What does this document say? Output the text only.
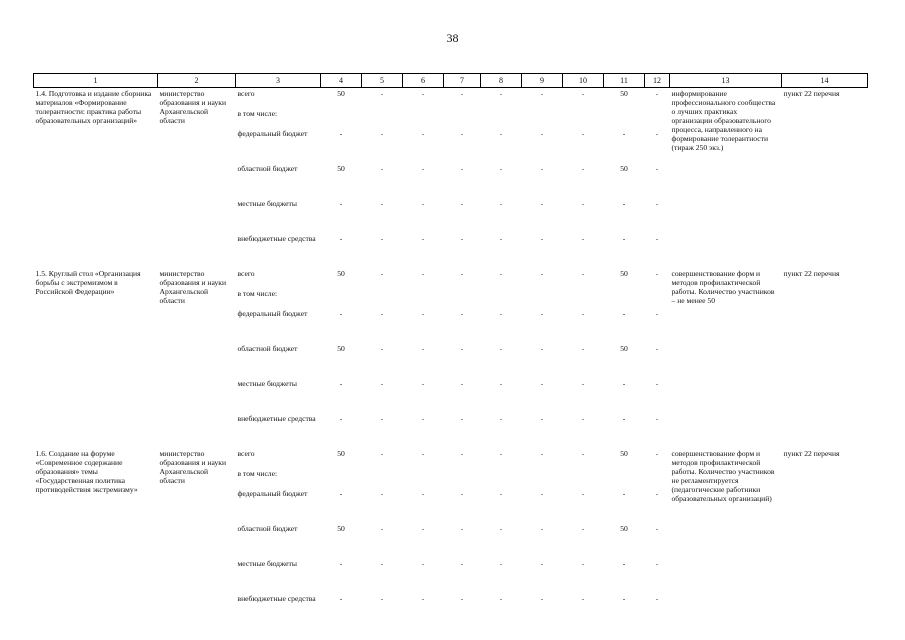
38
1	2	3	4	5	6	7	8	9	10	11	12	13	14
1.4. Подготовка и издание сборника материалов «Формирование толерантности: практика работы образовательных организаций»	министерство образования и науки Архангельской области	всего	50	-	-	-	-	-	-	50	-	информирование профессионального сообщества о лучших практиках организации образовательного процесса, направленного на формирование толерантности (тираж 250 экз.)	пункт 22 перечня
		в том числе:											
		федеральный бюджет	-	-	-	-	-	-	-	-	-		
		областной бюджет	50	-	-	-	-	-	-	50	-		
		местные бюджеты	-	-	-	-	-	-	-	-	-		
		внебюджетные средства	-	-	-	-	-	-	-	-	-		
1.5. Круглый стол «Организация борьбы с экстремизмом в Российской Федерации»	министерство образования и науки Архангельской области	всего	50	-	-	-	-	-	-	50	-	совершенствование форм и методов профилактической работы. Количество участников – не менее 50	пункт 22 перечня
		в том числе:											
		федеральный бюджет	-	-	-	-	-	-	-	-	-		
		областной бюджет	50	-	-	-	-	-	-	50	-		
		местные бюджеты	-	-	-	-	-	-	-	-	-		
		внебюджетные средства	-	-	-	-	-	-	-	-	-		
1.6. Создание на форуме «Современное содержание образования» темы «Государственная политика противодействия экстремизму»	министерство образования и науки Архангельской области	всего	50	-	-	-	-	-	-	50	-	совершенствование форм и методов профилактической работы. Количество участников не регламентируется (педагогические работники образовательных организаций)	пункт 22 перечня
		в том числе:											
		федеральный бюджет	-	-	-	-	-	-	-	-	-		
		областной бюджет	50	-	-	-	-	-	-	50	-		
		местные бюджеты	-	-	-	-	-	-	-	-	-		
		внебюджетные средства	-	-	-	-	-	-	-	-	-		
